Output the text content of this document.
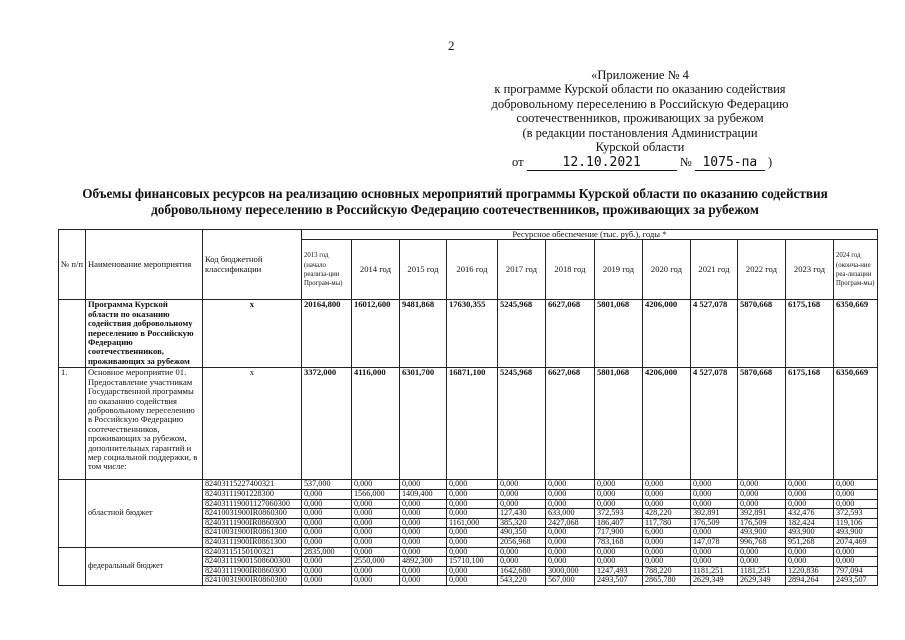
2
«Приложение № 4
к программе Курской области по оказанию содействия
добровольному переселению в Российскую Федерацию
соотечественников, проживающих за рубежом
(в редакции постановления Администрации
Курской области
от	12.10.2021	№ 1075-па )
Объемы финансовых ресурсов на реализацию основных мероприятий программы Курской области по оказанию содействия добровольному переселению в Российскую Федерацию соотечественников, проживающих за рубежом
№ п/п	Наименование мероприятия	Код бюджетной классификации	Ресурсное обеспечение (тыс. руб.), годы *											
			2013 год (начало реализа-ции Програм-мы)	2014 год	2015 год	2016 год	2017 год	2018 год	2019 год	2020 год	2021 год	2022 год	2023 год	2024 год (оконча-ние реа-лизации Програм-мы)
	Программа Курской области по оказанию содействия добровольному переселению в Российскую Федерацию соотечественников, проживающих за рубежом	x	20164,800	16012,600	9481,868	17630,355	5245,968	6627,068	5801,068	4206,000	4 527,078	5870,668	6175,168	6350,669
1.	Основное мероприятие 01. Предоставление участникам Государственной программы по оказанию содействия добровольному переселению в Российскую Федерацию соотечественников, проживающих за рубежом, дополнительных гарантий и мер социальной поддержки, в том числе:	x	3372,000	4116,000	6301,700	16871,100	5245,968	6627,068	5801,068	4206,000	4 527,078	5870,668	6175,168	6350,669
	областной бюджет	82403115227400321	537,000	0,000	0,000	0,000	0,000	0,000	0,000	0,000	0,000	0,000	0,000	0,000
		82403111901228300	0,000	1566,000	1409,400	0,000	0,000	0,000	0,000	0,000	0,000	0,000	0,000	0,000
		824031119001127060300	0,000	0,000	0,000	0,000	0,000	0,000	0,000	0,000	0,000	0,000	0,000	0,000
		82410031900IR0860300	0,000	0,000	0,000	0,000	127,430	633,000	372,593	428,220	392,891	392,891	432,476	372,593
		82403111900IR0860300	0,000	0,000	0,000	1161,000	385,320	2427,068	186,407	117,780	176,509	176,509	182,424	119,106
		82410031900IR0861300	0,000	0,000	0,000	0,000	490,350	0,000	717,900	6,000	0,000	493,900	493,900	493,900
		82403111900IR0861300	0,000	0,000	0,000	0,000	2056,968	0,000	783,168	0,000	147,078	996,768	951,268	2074,469
	федеральный бюджет	82403115150100321	2835,000	0,000	0,000	0,000	0,000	0,000	0,000	0,000	0,000	0,000	0,000	0,000
		824031119001508600300	0,000	2550,000	4892,300	15710,100	0,000	0,000	0,000	0,000	0,000	0,000	0,000	0,000
		82403111900IR0860300	0,000	0,000	0,000	0,000	1642,680	3000,000	1247,493	788,220	1181,251	1181,251	1220,836	797,094
		82410031900IR0860300	0,000	0,000	0,000	0,000	543,220	567,000	2493,507	2865,780	2629,349	2629,349	2894,264	2493,507
